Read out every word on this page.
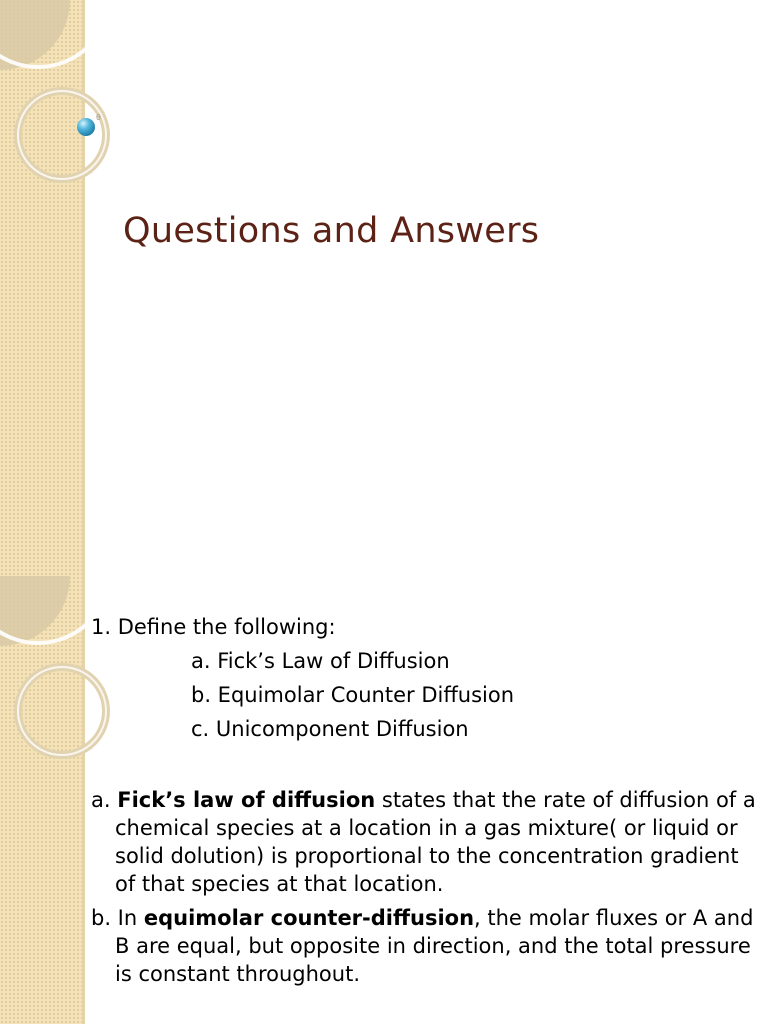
θ
Questions and Answers
1. Define the following:
a. Fick’s Law of Diffusion
b. Equimolar Counter Diffusion
c. Unicomponent Diffusion

a. Fick’s law of diffusion states that the rate of diffusion of a chemical species at a location in a gas mixture( or liquid or solid dolution) is proportional to the concentration gradient of that species at that location.

b. In equimolar counter-diffusion, the molar fluxes or A and B are equal, but opposite in direction, and the total pressure is constant throughout.
